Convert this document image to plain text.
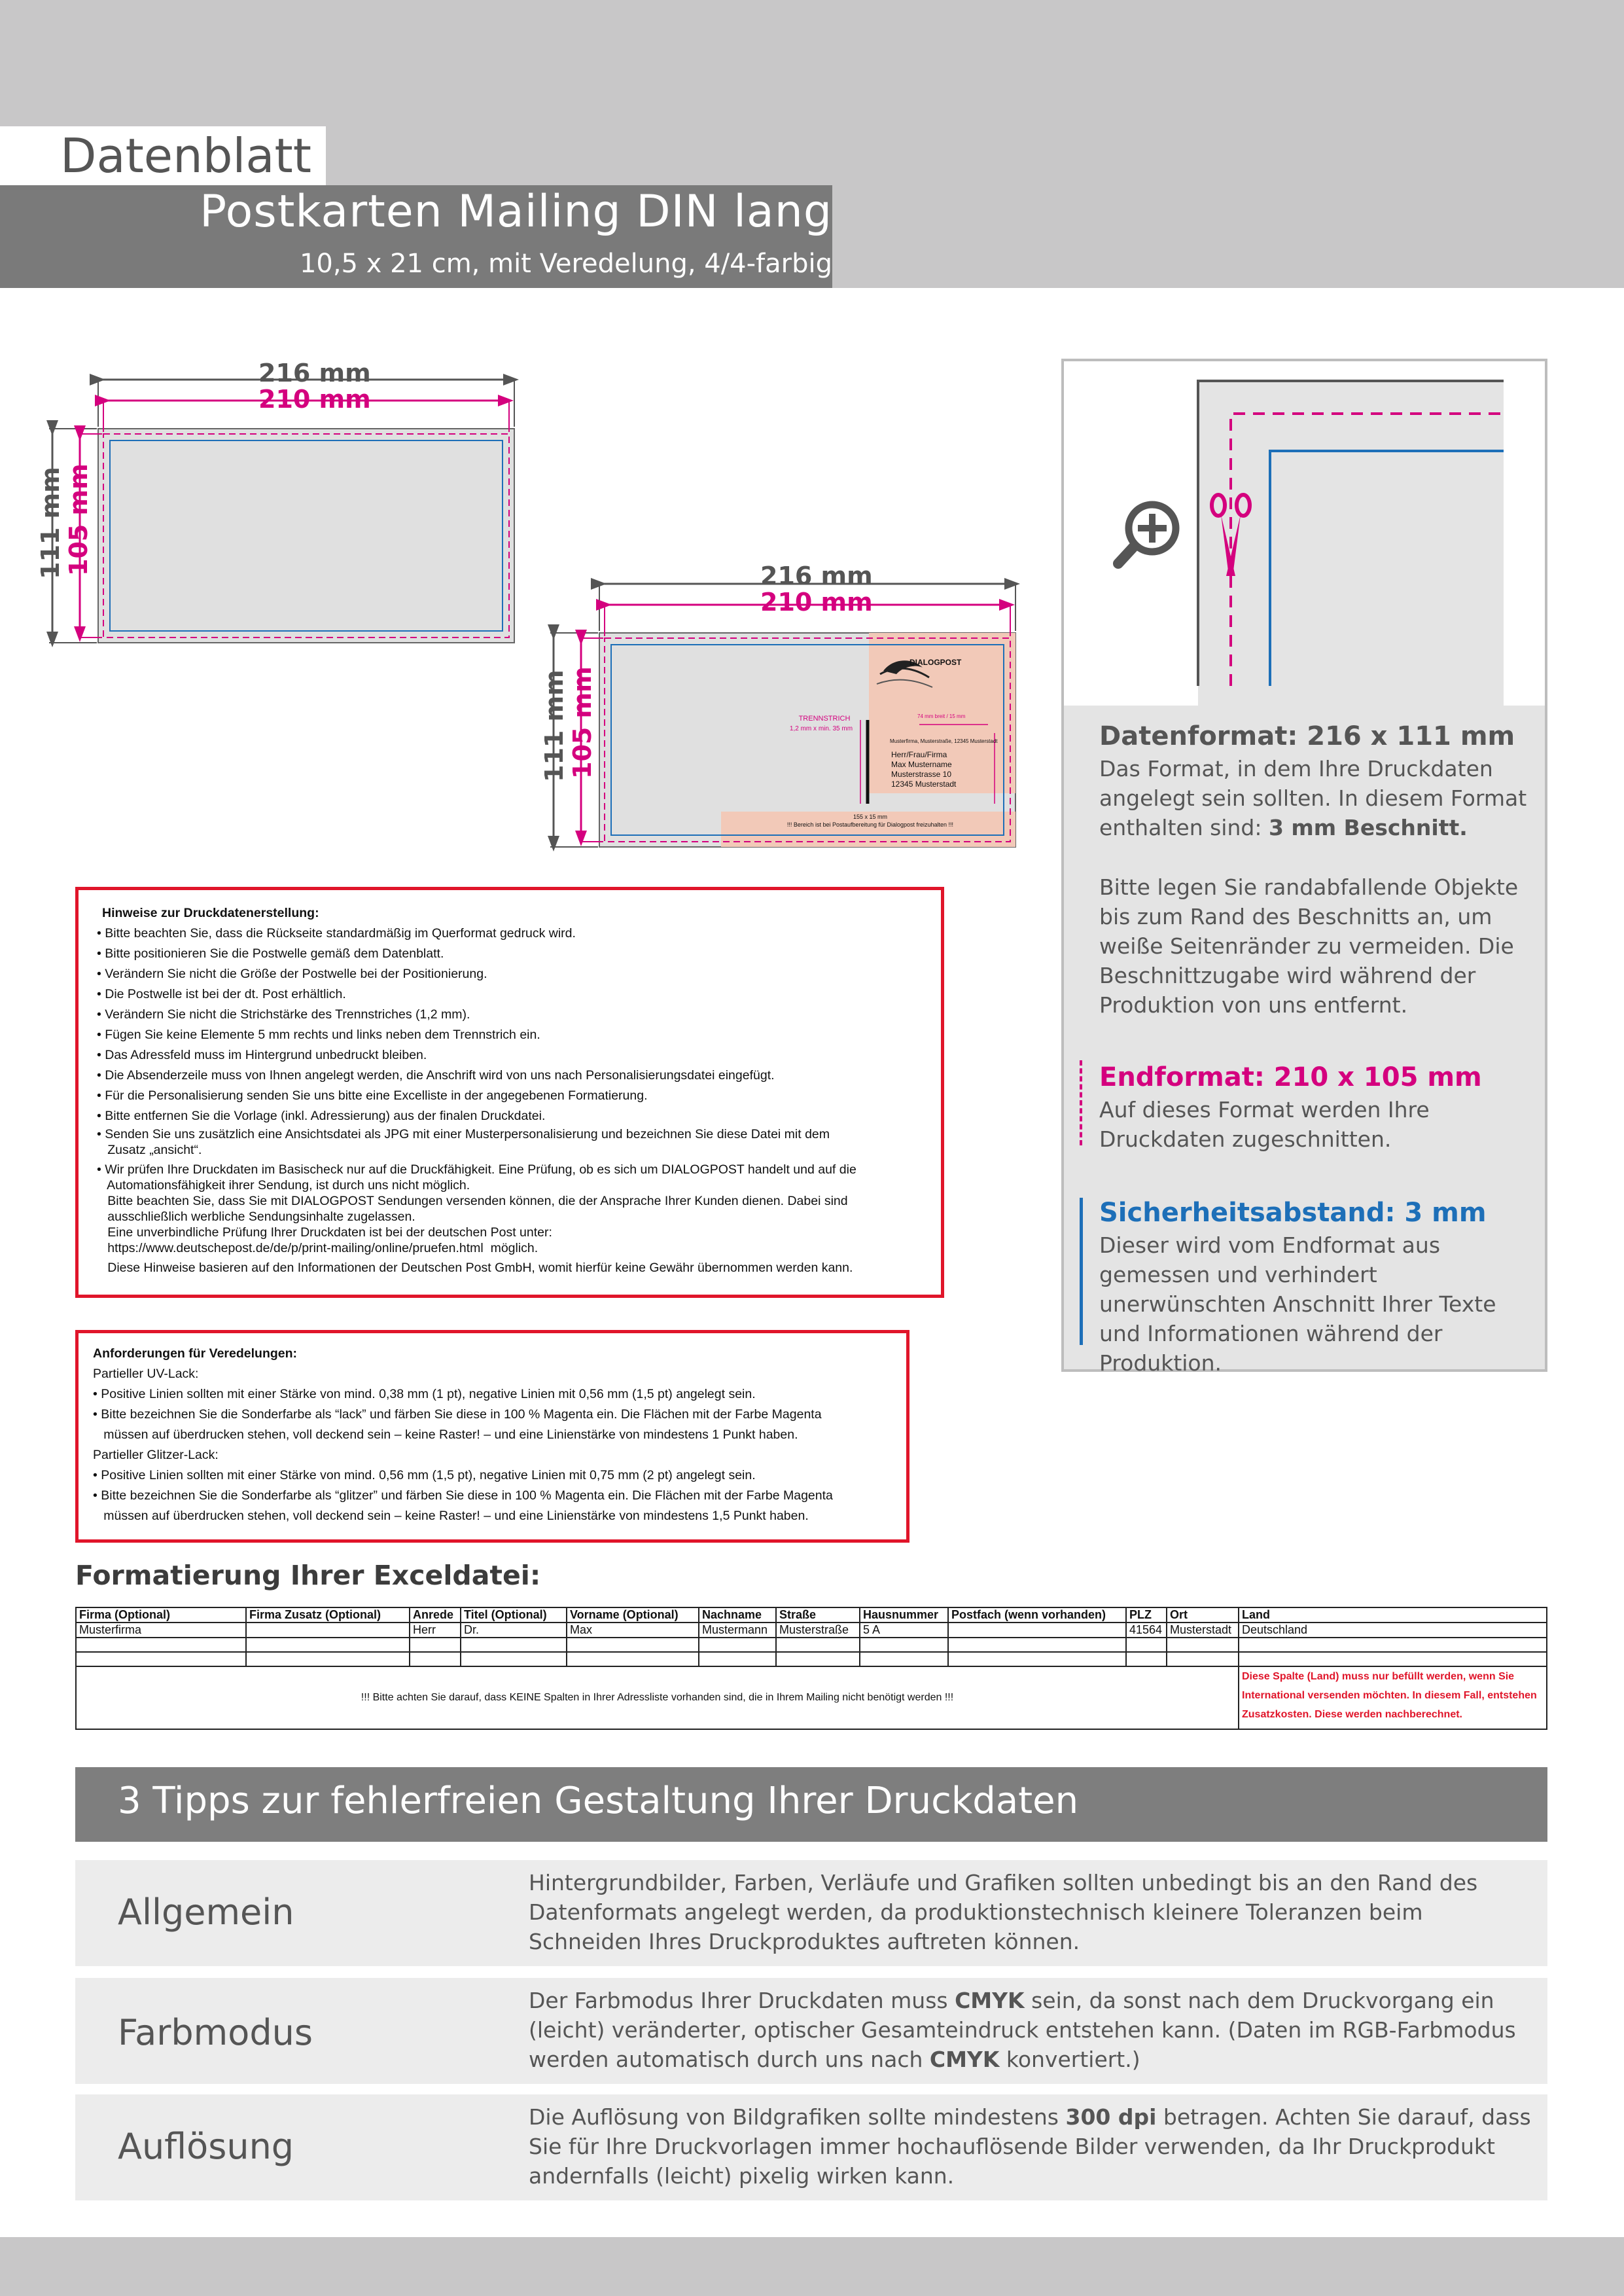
Datenblatt
Postkarten Mailing DIN lang
10,5 x 21 cm, mit Veredelung, 4/4-farbig
216 mm
210 mm
111 mm 105 mm	216 mm
210 mm
111 mm 105 mm
DIALOGPOST
74 mm breit / 15 mm
Musterfirma, Musterstraße, 12345 Musterstadt
Herr/Frau/Firma
Max Mustername
Musterstrasse 10
12345 Musterstadt
TRENNSTRICH
1,2 mm x min. 35 mm
155 x 15 mm
!!! Bereich ist bei Postaufbereitung für Dialogpost freizuhalten !!!
Datenformat: 216 x 111 mm
Das Format, in dem Ihre Druckdaten angelegt sein sollten. In diesem Format enthalten sind: 3 mm Beschnitt.
Bitte legen Sie randabfallende Objekte bis zum Rand des Beschnitts an, um weiße Seitenränder zu vermeiden. Die Beschnittzugabe wird während der Produktion von uns entfernt.
Endformat: 210 x 105 mm
Auf dieses Format werden Ihre Druckdaten zugeschnitten.
Sicherheitsabstand: 3 mm
Dieser wird vom Endformat aus gemessen und verhindert unerwünschten Anschnitt Ihrer Texte und Informationen während der Produktion.
Hinweise zur Druckdatenerstellung:
• Bitte beachten Sie, dass die Rückseite standardmäßig im Querformat gedruck wird.
• Bitte positionieren Sie die Postwelle gemäß dem Datenblatt.
• Verändern Sie nicht die Größe der Postwelle bei der Positionierung.
• Die Postwelle ist bei der dt. Post erhältlich.
• Verändern Sie nicht die Strichstärke des Trennstriches (1,2 mm).
• Fügen Sie keine Elemente 5 mm rechts und links neben dem Trennstrich ein.
• Das Adressfeld muss im Hintergrund unbedruckt bleiben.
• Die Absenderzeile muss von Ihnen angelegt werden, die Anschrift wird von uns nach Personalisierungsdatei eingefügt.
• Für die Personalisierung senden Sie uns bitte eine Excelliste in der angegebenen Formatierung.
• Bitte entfernen Sie die Vorlage (inkl. Adressierung) aus der finalen Druckdatei.
• Senden Sie uns zusätzlich eine Ansichtsdatei als JPG mit einer Musterpersonalisierung und bezeichnen Sie diese Datei mit dem
Zusatz „ansicht“.
• Wir prüfen Ihre Druckdaten im Basischeck nur auf die Druckfähigkeit. Eine Prüfung, ob es sich um DIALOGPOST handelt und auf die
Automationsfähigkeit ihrer Sendung, ist durch uns nicht möglich.
Bitte beachten Sie, dass Sie mit DIALOGPOST Sendungen versenden können, die der Ansprache Ihrer Kunden dienen. Dabei sind
ausschließlich werbliche Sendungsinhalte zugelassen.
Eine unverbindliche Prüfung Ihrer Druckdaten ist bei der deutschen Post unter:
https://www.deutschepost.de/de/p/print-mailing/online/pruefen.html  möglich.
Diese Hinweise basieren auf den Informationen der Deutschen Post GmbH, womit hierfür keine Gewähr übernommen werden kann.
Anforderungen für Veredelungen:
Partieller UV-Lack:
• Positive Linien sollten mit einer Stärke von mind. 0,38 mm (1 pt), negative Linien mit 0,56 mm (1,5 pt) angelegt sein.
• Bitte bezeichnen Sie die Sonderfarbe als “lack” und färben Sie diese in 100 % Magenta ein. Die Flächen mit der Farbe Magenta
müssen auf überdrucken stehen, voll deckend sein – keine Raster! – und eine Linienstärke von mindestens 1 Punkt haben.
Partieller Glitzer-Lack:
• Positive Linien sollten mit einer Stärke von mind. 0,56 mm (1,5 pt), negative Linien mit 0,75 mm (2 pt) angelegt sein.
• Bitte bezeichnen Sie die Sonderfarbe als “glitzer” und färben Sie diese in 100 % Magenta ein. Die Flächen mit der Farbe Magenta
müssen auf überdrucken stehen, voll deckend sein – keine Raster! – und eine Linienstärke von mindestens 1,5 Punkt haben.
Formatierung Ihrer Exceldatei:
Firma (Optional)	Firma Zusatz (Optional)	Anrede	Titel (Optional)	Vorname (Optional)	Nachname	Straße	Hausnummer	Postfach (wenn vorhanden)	PLZ	Ort	Land
Musterfirma		Herr	Dr.	Max	Mustermann	Musterstraße	5 A		41564	Musterstadt	Deutschland

!!! Bitte achten Sie darauf, dass KEINE Spalten in Ihrer Adressliste vorhanden sind, die in Ihrem Mailing nicht benötigt werden !!!											Diese Spalte (Land) muss nur befüllt werden, wenn Sie International versenden möchten. In diesem Fall, entstehen Zusatzkosten. Diese werden nachberechnet.
3 Tipps zur fehlerfreien Gestaltung Ihrer Druckdaten
Allgemein
Hintergrundbilder, Farben, Verläufe und Grafiken sollten unbedingt bis an den Rand des Datenformats angelegt werden, da produktionstechnisch kleinere Toleranzen beim Schneiden Ihres Druckproduktes auftreten können.
Farbmodus
Der Farbmodus Ihrer Druckdaten muss CMYK sein, da sonst nach dem Druckvorgang ein (leicht) veränderter, optischer Gesamteindruck entstehen kann. (Daten im RGB-Farbmodus werden automatisch durch uns nach CMYK konvertiert.)
Auflösung
Die Auflösung von Bildgrafiken sollte mindestens 300 dpi betragen. Achten Sie darauf, dass Sie für Ihre Druckvorlagen immer hochauflösende Bilder verwenden, da Ihr Druckprodukt andernfalls (leicht) pixelig wirken kann.
